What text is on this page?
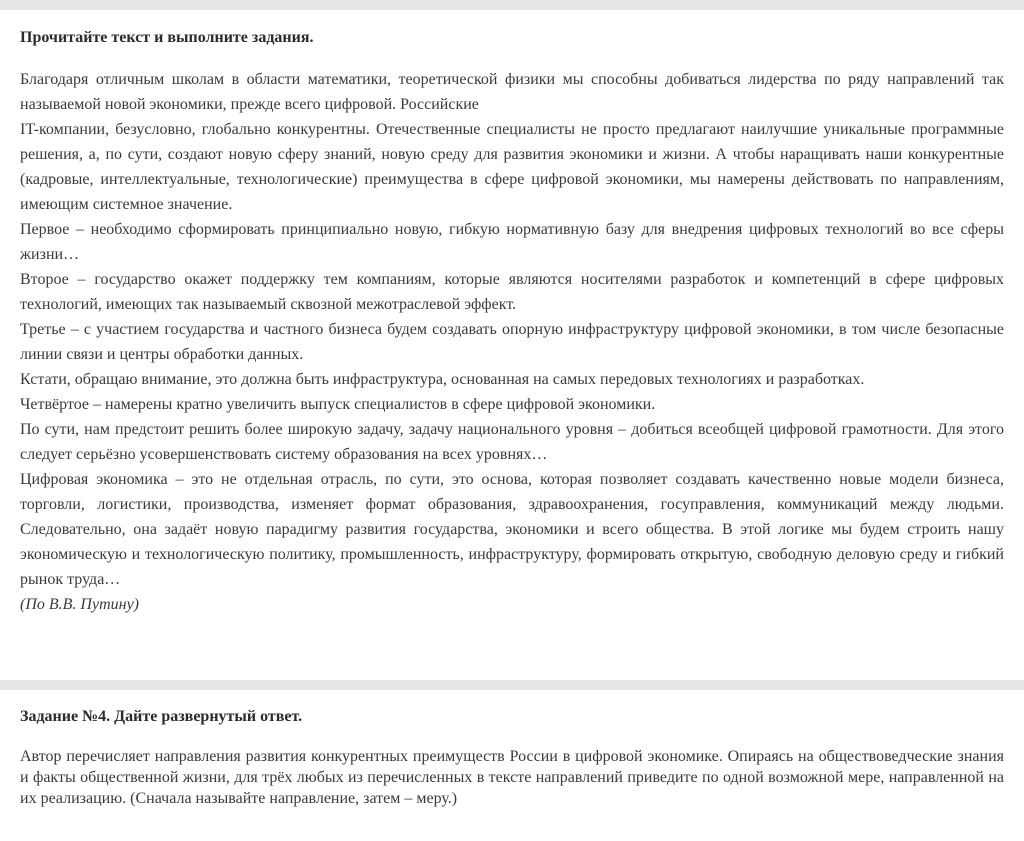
Прочитайте текст и выполните задания.

Благодаря отличным школам в области математики, теоретической физики мы способны добиваться лидерства по ряду направлений так называемой новой экономики, прежде всего цифровой. Российские

IT-компании, безусловно, глобально конкурентны. Отечественные специалисты не просто предлагают наилучшие уникальные программные решения, а, по сути, создают новую сферу знаний, новую среду для развития экономики и жизни. А чтобы наращивать наши конкурентные (кадровые, интеллектуальные, технологические) преимущества в сфере цифровой экономики, мы намерены действовать по направлениям, имеющим системное значение.

Первое – необходимо сформировать принципиально новую, гибкую нормативную базу для внедрения цифровых технологий во все сферы жизни…

Второе – государство окажет поддержку тем компаниям, которые являются носителями разработок и компетенций в сфере цифровых технологий, имеющих так называемый сквозной межотраслевой эффект.

Третье – с участием государства и частного бизнеса будем создавать опорную инфраструктуру цифровой экономики, в том числе безопасные линии связи и центры обработки данных.

Кстати, обращаю внимание, это должна быть инфраструктура, основанная на самых передовых технологиях и разработках.

Четвёртое – намерены кратно увеличить выпуск специалистов в сфере цифровой экономики.

По сути, нам предстоит решить более широкую задачу, задачу национального уровня – добиться всеобщей цифровой грамотности. Для этого следует серьёзно усовершенствовать систему образования на всех уровнях…

Цифровая экономика – это не отдельная отрасль, по сути, это основа, которая позволяет создавать качественно новые модели бизнеса, торговли, логистики, производства, изменяет формат образования, здравоохранения, госуправления, коммуникаций между людьми. Следовательно, она задаёт новую парадигму развития государства, экономики и всего общества. В этой логике мы будем строить нашу экономическую и технологическую политику, промышленность, инфраструктуру, формировать открытую, свободную деловую среду и гибкий рынок труда…

(По В.В. Путину)

Задание №4. Дайте развернутый ответ.

Автор перечисляет направления развития конкурентных преимуществ России в цифровой экономике. Опираясь на обществоведческие знания и факты общественной жизни, для трёх любых из перечисленных в тексте направлений приведите по одной возможной мере, направленной на их реализацию. (Сначала называйте направление, затем – меру.)
